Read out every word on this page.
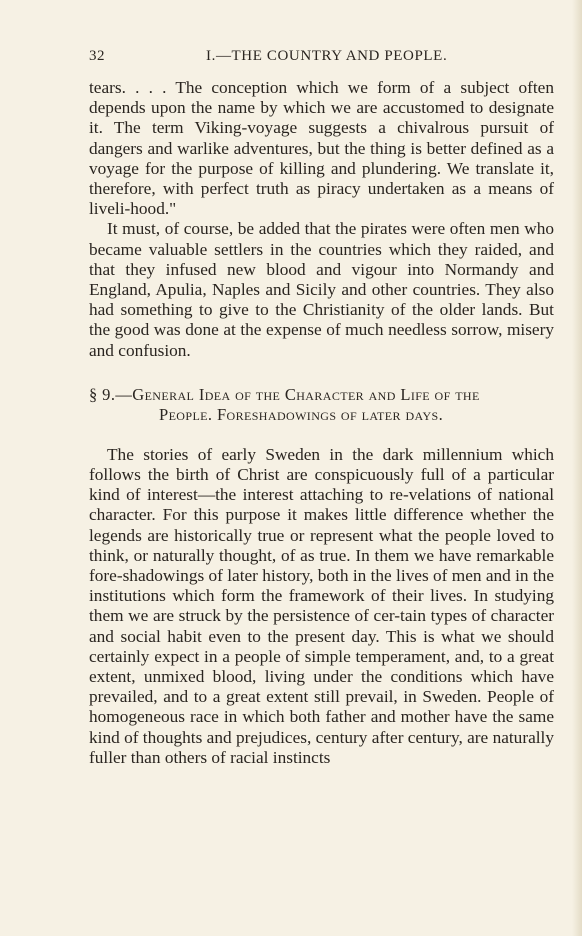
32	I.—THE COUNTRY AND PEOPLE.

tears. . . . The conception which we form of a subject often depends upon the name by which we are accustomed to designate it. The term Viking-voyage suggests a chivalrous pursuit of dangers and warlike adventures, but the thing is better defined as a voyage for the purpose of killing and plundering. We translate it, therefore, with perfect truth as piracy undertaken as a means of liveli-hood."

It must, of course, be added that the pirates were often men who became valuable settlers in the countries which they raided, and that they infused new blood and vigour into Normandy and England, Apulia, Naples and Sicily and other countries. They also had something to give to the Christianity of the older lands. But the good was done at the expense of much needless sorrow, misery and confusion.

§ 9.—General Idea of the Character and Life of the
People. Foreshadowings of later days.

The stories of early Sweden in the dark millennium which follows the birth of Christ are conspicuously full of a particular kind of interest—the interest attaching to re-velations of national character. For this purpose it makes little difference whether the legends are historically true or represent what the people loved to think, or naturally thought, of as true. In them we have remarkable fore-shadowings of later history, both in the lives of men and in the institutions which form the framework of their lives. In studying them we are struck by the persistence of cer-tain types of character and social habit even to the present day. This is what we should certainly expect in a people of simple temperament, and, to a great extent, unmixed blood, living under the conditions which have prevailed, and to a great extent still prevail, in Sweden. People of homogeneous race in which both father and mother have the same kind of thoughts and prejudices, century after century, are naturally fuller than others of racial instincts
